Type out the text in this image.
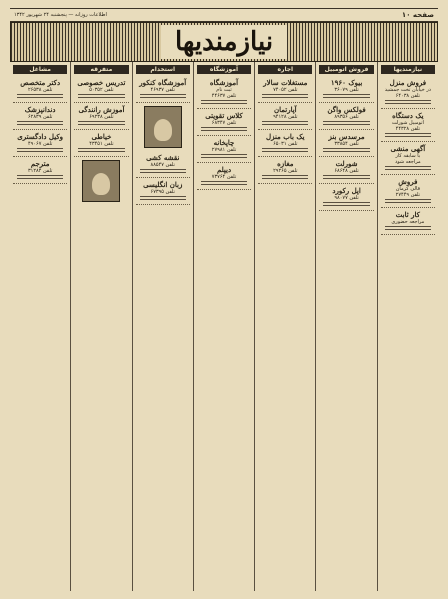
صفحه ۱۰
اطلاعات روزانه — پنجشنبه ۲۴ شهریور ۱۳۴۲
نیازمندیها
نیازمندیها
فروش منزل
در خیابان تخت جمشید
تلفن ۶۴۰۳۸
یک دستگاه
اتومبیل شورلت
تلفن ۴۴۳۲۸
آگهی منشی
با سابقه کار
مراجعه شود
فروش
قالی کرمان
تلفن ۲۷۴۴۹
کار ثابت
مراجعه حضوری
فروش اتومبیل
بیوک ۱۹۶۰
تلفن ۳۶۰۷۹
فولکس واگن
تلفن ۸۹۳۵۶
مرسدس بنز
تلفن ۳۳۸۵۴
شورلت
تلفن ۶۸۶۴۸
اپل رکورد
تلفن ۹۸۰۷۷
اجاره
مستغلات سالار
تلفن ۷۴۰۵۲
آپارتمان
تلفن ۹۴۱۲۸
یک باب منزل
تلفن ۶۵۰۳۱
مغازه
تلفن ۲۹۲۶۵
آموزشگاه
آموزشگاه
ثبت نام
تلفن ۴۴۶۳۷
کلاس تقویتی
تلفن ۶۸۳۴۷
چاپخانه
تلفن ۲۷۹۸۱
دیپلم
تلفن ۷۳۷۶۴
استخدام
آموزشگاه کنکور
تلفن ۴۶۹۳۷
نقشه کشی
تلفن ۸۸۵۴۷
زبان انگلیسی
تلفن ۶۷۳۹۵
متفرقه
تدریس خصوصی
تلفن ۵۰۳۵۲
آموزش رانندگی
تلفن ۶۹۲۳۸
خیاطی
تلفن ۴۳۴۵۱
مشاغل
دکتر متخصص
تلفن ۲۶۵۳۸
دندانپزشک
تلفن ۶۲۸۳۹
وکیل دادگستری
تلفن ۴۹۰۶۷
مترجم
تلفن ۳۱۲۸۴
